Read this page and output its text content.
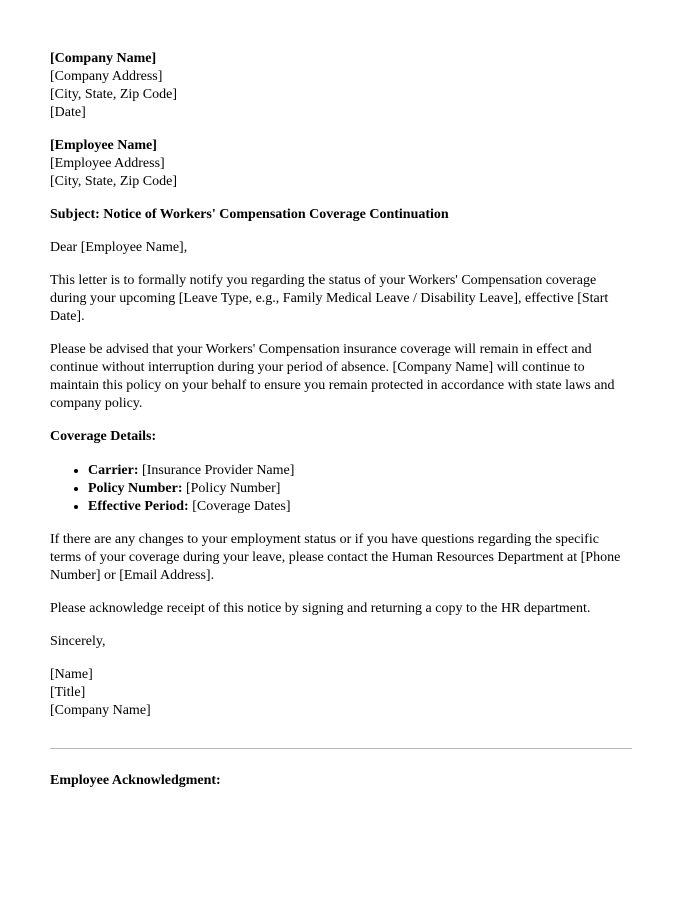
[Company Name]
[Company Address]
[City, State, Zip Code]
[Date]
[Employee Name]
[Employee Address]
[City, State, Zip Code]
Subject: Notice of Workers' Compensation Coverage Continuation
Dear [Employee Name],
This letter is to formally notify you regarding the status of your Workers' Compensation coverage during your upcoming [Leave Type, e.g., Family Medical Leave / Disability Leave], effective [Start Date].
Please be advised that your Workers' Compensation insurance coverage will remain in effect and continue without interruption during your period of absence. [Company Name] will continue to maintain this policy on your behalf to ensure you remain protected in accordance with state laws and company policy.
Coverage Details:
• Carrier: [Insurance Provider Name]
• Policy Number: [Policy Number]
• Effective Period: [Coverage Dates]
If there are any changes to your employment status or if you have questions regarding the specific terms of your coverage during your leave, please contact the Human Resources Department at [Phone Number] or [Email Address].
Please acknowledge receipt of this notice by signing and returning a copy to the HR department.
Sincerely,
[Name]
[Title]
[Company Name]
Employee Acknowledgment:
